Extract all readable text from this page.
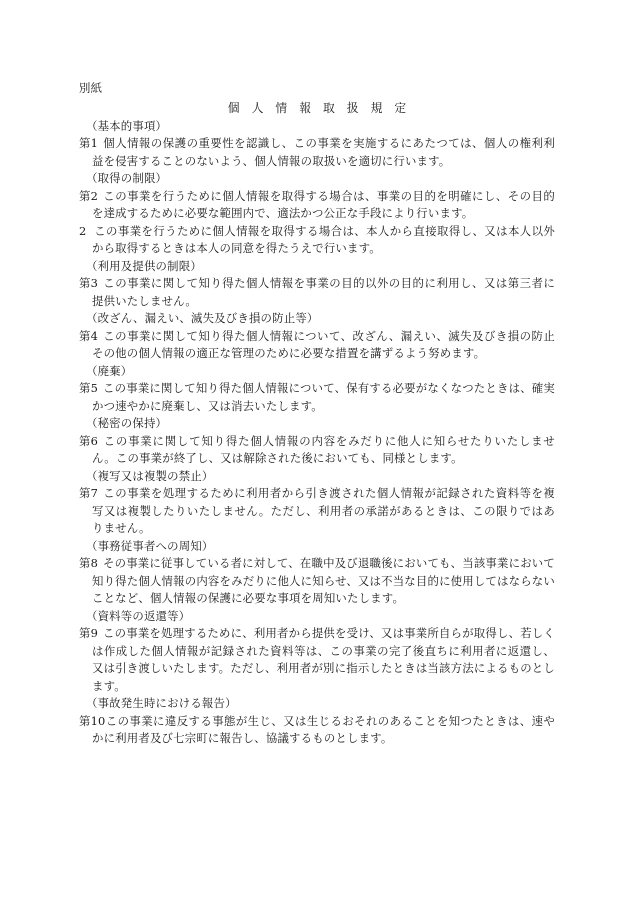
別紙
個人情報取扱規定
（基本的事項）
第1 個人情報の保護の重要性を認識し、この事業を実施するにあたつては、個人の権利利益を侵害することのないよう、個人情報の取扱いを適切に行います。
（取得の制限）
第2 この事業を行うために個人情報を取得する場合は、事業の目的を明確にし、その目的を達成するために必要な範囲内で、適法かつ公正な手段により行います。
2 この事業を行うために個人情報を取得する場合は、本人から直接取得し、又は本人以外から取得するときは本人の同意を得たうえで行います。
（利用及提供の制限）
第3 この事業に関して知り得た個人情報を事業の目的以外の目的に利用し、又は第三者に提供いたしません。
（改ざん、漏えい、滅失及びき損の防止等）
第4 この事業に関して知り得た個人情報について、改ざん、漏えい、滅失及びき損の防止その他の個人情報の適正な管理のために必要な措置を講ずるよう努めます。
（廃棄）
第5 この事業に関して知り得た個人情報について、保有する必要がなくなつたときは、確実かつ速やかに廃棄し、又は消去いたします。
（秘密の保持）
第6 この事業に関して知り得た個人情報の内容をみだりに他人に知らせたりいたしません。この事業が終了し、又は解除された後においても、同様とします。
（複写又は複製の禁止）
第7 この事業を処理するために利用者から引き渡された個人情報が記録された資料等を複写又は複製したりいたしません。ただし、利用者の承諾があるときは、この限りではありません。
（事務従事者への周知）
第8 その事業に従事している者に対して、在職中及び退職後においても、当該事業において知り得た個人情報の内容をみだりに他人に知らせ、又は不当な目的に使用してはならないことなど、個人情報の保護に必要な事項を周知いたします。
（資料等の返還等）
第9 この事業を処理するために、利用者から提供を受け、又は事業所自らが取得し、若しくは作成した個人情報が記録された資料等は、この事業の完了後直ちに利用者に返還し、又は引き渡しいたします。ただし、利用者が別に指示したときは当該方法によるものとします。
（事故発生時における報告）
第10この事業に違反する事態が生じ、又は生じるおそれのあることを知つたときは、速やかに利用者及び七宗町に報告し、協議するものとします。
